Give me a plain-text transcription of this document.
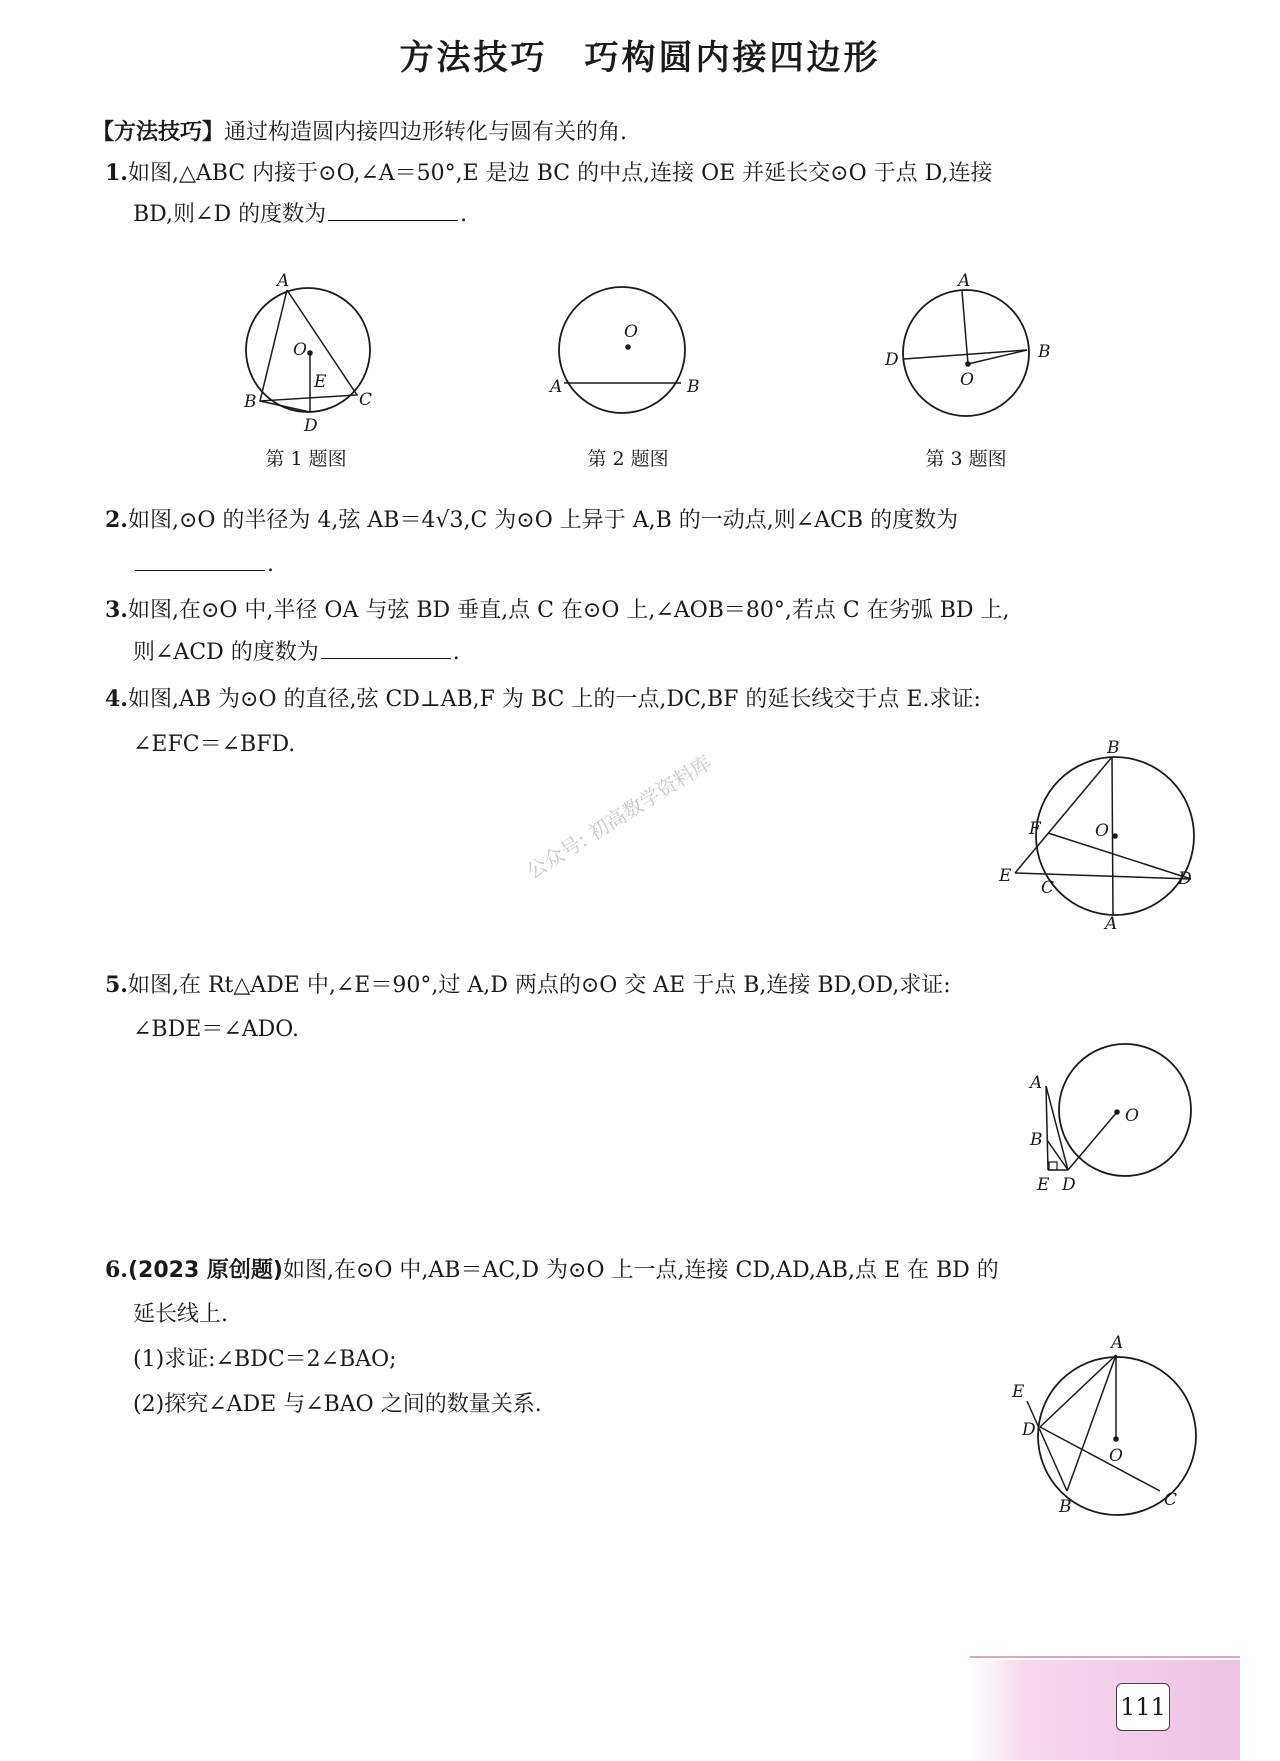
方法技巧　巧构圆内接四边形
【方法技巧】通过构造圆内接四边形转化与圆有关的角.
1.如图,△ABC 内接于⊙O,∠A＝50°,E 是边 BC 的中点,连接 OE 并延长交⊙O 于点 D,连接
BD,则∠D 的度数为	.
A
O
E
B	C
D
第 1 题图
O
A	B
第 2 题图
A
D	B
O
第 3 题图
2.如图,⊙O 的半径为 4,弦 AB＝4√3,C 为⊙O 上异于 A,B 的一动点,则∠ACB 的度数为
.
3.如图,在⊙O 中,半径 OA 与弦 BD 垂直,点 C 在⊙O 上,∠AOB＝80°,若点 C 在劣弧 BD 上,
则∠ACD 的度数为	.
4.如图,AB 为⊙O 的直径,弦 CD⊥AB,F 为 BC 上的一点,DC,BF 的延长线交于点 E.求证:
∠EFC＝∠BFD.	B
F	O
E
C	D
A
公众号: 初高数学资料库
5.如图,在 Rt△ADE 中,∠E＝90°,过 A,D 两点的⊙O 交 AE 于点 B,连接 BD,OD,求证:
∠BDE＝∠ADO.
A
O
B
E D
6.(2023 原创题)如图,在⊙O 中,AB＝AC,D 为⊙O 上一点,连接 CD,AD,AB,点 E 在 BD 的
延长线上.
(1)求证:∠BDC＝2∠BAO;
(2)探究∠ADE 与∠BAO 之间的数量关系.
A
E
D
O
B	C
111
